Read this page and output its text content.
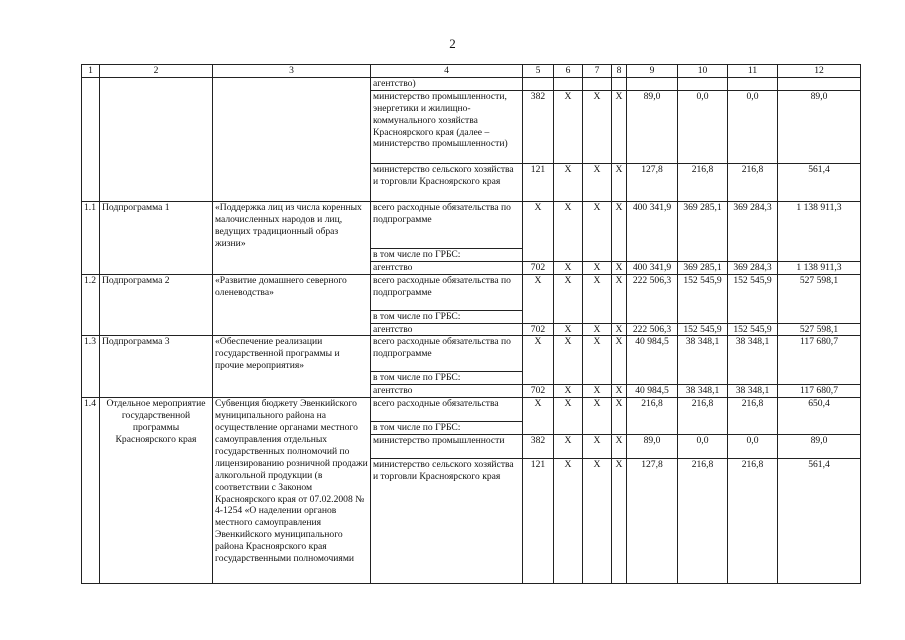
2
1	2	3	4	5	6	7	8	9	10	11	12
			агентство)								
			министерство промышленности, энергетики и жилищно-коммунального хозяйства Красноярского края (далее – министерство промышленности)	382	Х	Х	Х	89,0	0,0	0,0	89,0
			министерство сельского хозяйства и торговли Красноярского края	121	Х	Х	Х	127,8	216,8	216,8	561,4
1.1	Подпрограмма 1	«Поддержка лиц из числа коренных малочисленных народов и лиц, ведущих традиционный образ жизни»	всего расходные обязательства по подпрограмме	Х	Х	Х	Х	400 341,9	369 285,1	369 284,3	1 138 911,3
			в том числе по ГРБС:								
			агентство	702	Х	Х	Х	400 341,9	369 285,1	369 284,3	1 138 911,3
1.2	Подпрограмма 2	«Развитие домашнего северного оленеводства»	всего расходные обязательства по подпрограмме	Х	Х	Х	Х	222 506,3	152 545,9	152 545,9	527 598,1
			в том числе по ГРБС:								
			агентство	702	Х	Х	Х	222 506,3	152 545,9	152 545,9	527 598,1
1.3	Подпрограмма 3	«Обеспечение реализации государственной программы и прочие мероприятия»	всего расходные обязательства по подпрограмме	Х	Х	Х	Х	40 984,5	38 348,1	38 348,1	117 680,7
			в том числе по ГРБС:								
			агентство	702	Х	Х	Х	40 984,5	38 348,1	38 348,1	117 680,7
1.4	Отдельное мероприятие государственной программы Красноярского края	Субвенция бюджету Эвенкийского муниципального района на осуществление органами местного самоуправления отдельных государственных полномочий по лицензированию розничной продажи алкогольной продукции (в соответствии с Законом Красноярского края от 07.02.2008 № 4-1254 «О наделении органов местного самоуправления Эвенкийского муниципального района Красноярского края государственными полномочиями	всего расходные обязательства	Х	Х	Х	Х	216,8	216,8	216,8	650,4
			в том числе по ГРБС:								
			министерство промышленности	382	Х	Х	Х	89,0	0,0	0,0	89,0
			министерство сельского хозяйства и торговли Красноярского края	121	Х	Х	Х	127,8	216,8	216,8	561,4
